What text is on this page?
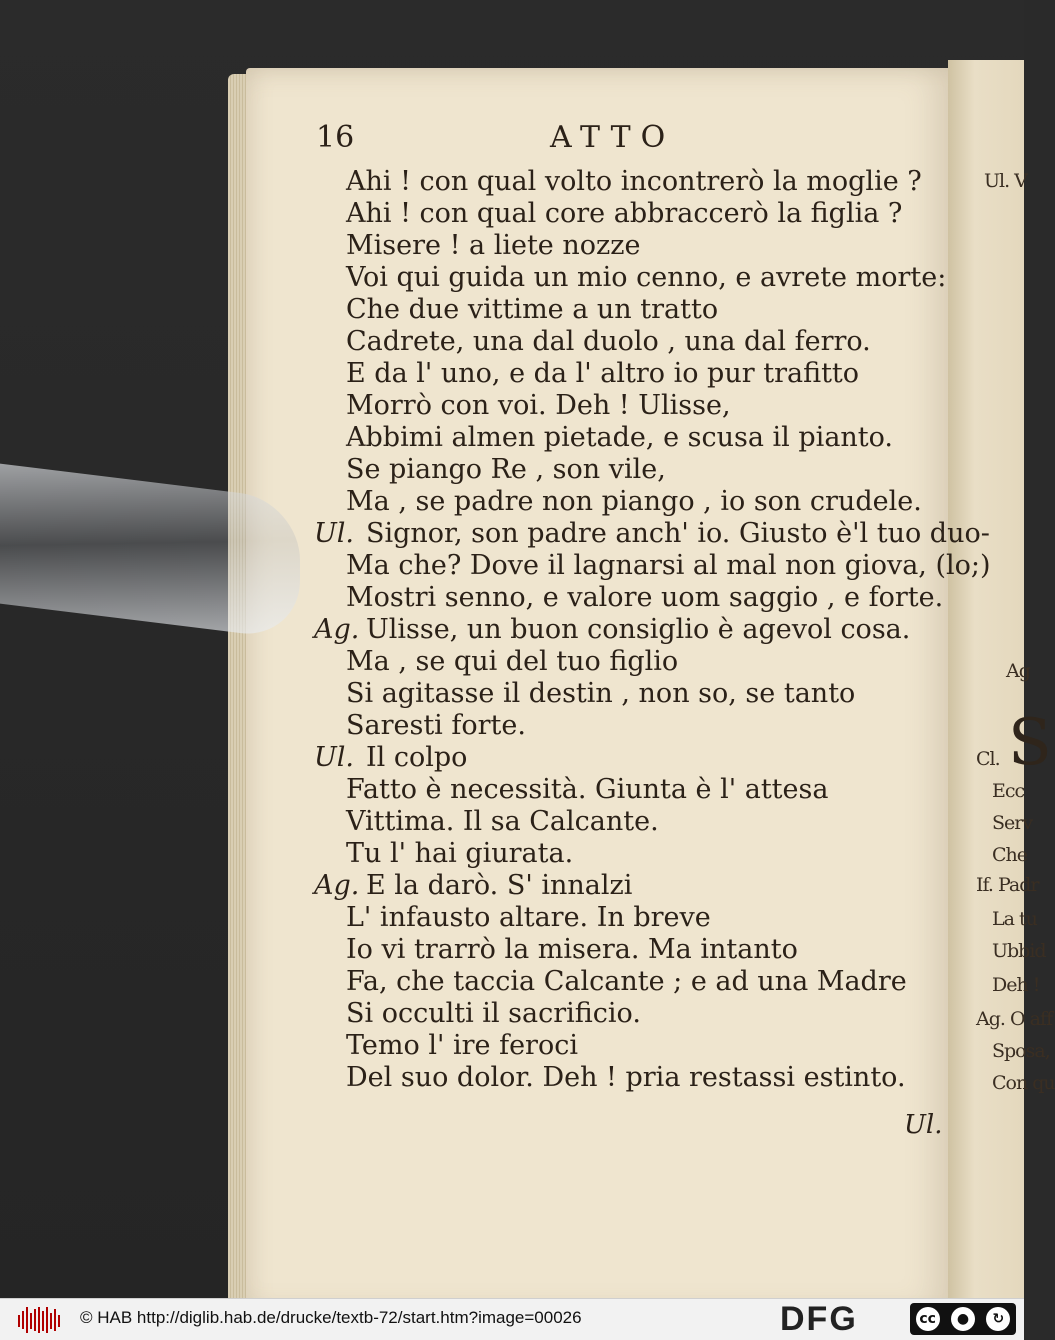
16	ATTO
Ahi ! con qual volto incontrerò la moglie ?
Ahi ! con qual core abbraccerò la figlia ?
Misere ! a liete nozze
Voi qui guida un mio cenno, e avrete morte:
Che due vittime a un tratto
Cadrete, una dal duolo , una dal ferro.
E da l' uno, e da l' altro io pur trafitto
Morrò con voi. Deh ! Ulisse,
Abbimi almen pietade, e scusa il pianto.
Se piango Re , son vile,
Ma , se padre non piango , io son crudele.
Ul. Signor, son padre anch' io. Giusto è'l tuo duo-
Ma che? Dove il lagnarsi al mal non giova, (lo;)
Mostri senno, e valore uom saggio , e forte.
Ag. Ulisse, un buon consiglio è agevol cosa.
Ma , se qui del tuo figlio
Si agitasse il destin , non so, se tanto
Saresti forte.
Ul. Il colpo
Fatto è necessità. Giunta è l' attesa
Vittima. Il sa Calcante.
Tu l' hai giurata.
Ag. E la darò. S' innalzi
L' infausto altare. In breve
Io vi trarrò la misera. Ma intanto
Fa, che taccia Calcante ; e ad una Madre
Si occulti il sacrificio.
Temo l' ire feroci
Del suo dolor. Deh ! pria restassi estinto.
Ul.
Ul. V
Ag
S
Cl.
Ecc
Serv
Che
If. Padr
La tu
Ubbid
Deh !
Ag. O aff
Sposa,
Con qu
© HAB http://diglib.hab.de/drucke/textb-72/start.htm?image=00026	DFG	cc	●	↻
